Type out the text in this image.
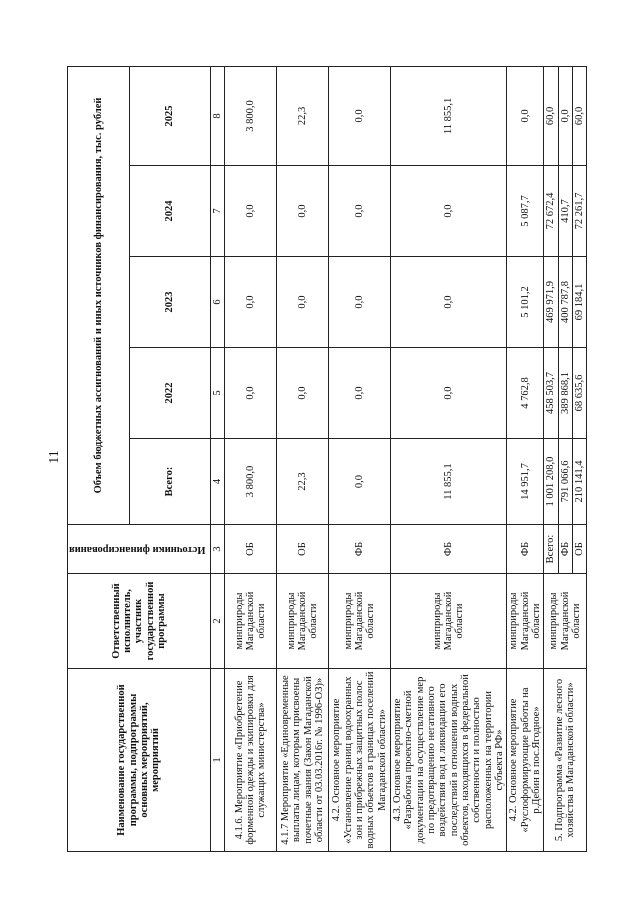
11
Наименование государственной программы, подпрограммы основных мероприятий, мероприятий	Ответственный исполнитель, участник государственной программы	Источники финансирования	Объем бюджетных ассигнований и иных источников финансирования, тыс. рублей				
			Всего:	2022	2023	2024	2025
1	2	3	4	5	6	7	8
4.1.6. Мероприятие «Приобретение форменной одежды и экипировки для служащих министерства»	минприроды Магаданской области	ОБ	3 800,0	0,0	0,0	0,0	3 800,0
4.1.7 Мероприятие «Единовременные выплаты лицам, которым присвоены почетные звания (Закон Магаданской области от 03.03.2016г. № 1996-ОЗ)»	минприроды Магаданской области	ОБ	22,3	0,0	0,0	0,0	22,3
4.2. Основное мероприятие «Установление границ водоохранных зон и прибрежных защитных полос водных объектов в границах поселений Магаданской области»	минприроды Магаданской области	ФБ	0,0	0,0	0,0	0,0	0,0
4.3. Основное мероприятие «Разработка проектно-сметной документации на осуществление мер по предотвращению негативного воздействия вод и ликвидации его последствий в отношении водных объектов, находящихся в федеральной собственности и полностью расположенных на территории субъекта РФ»	минприроды Магаданской области	ФБ	11 855,1	0,0	0,0	0,0	11 855,1
4.2. Основное мероприятие «Руслоформирующие работы на р.Дебин в пос.Ягодное»	минприроды Магаданской области	ФБ	14 951,7	4 762,8	5 101,2	5 087,7	0,0
5. Подпрограмма «Развитие лесного хозяйства в Магаданской области»	минприроды Магаданской области	Всего:	1 001 208,0	458 503,7	469 971,9	72 672,4	60,0
		ФБ	791 066,6	389 868,1	400 787,8	410,7	0,0
		ОБ	210 141,4	68 635,6	69 184,1	72 261,7	60,0
